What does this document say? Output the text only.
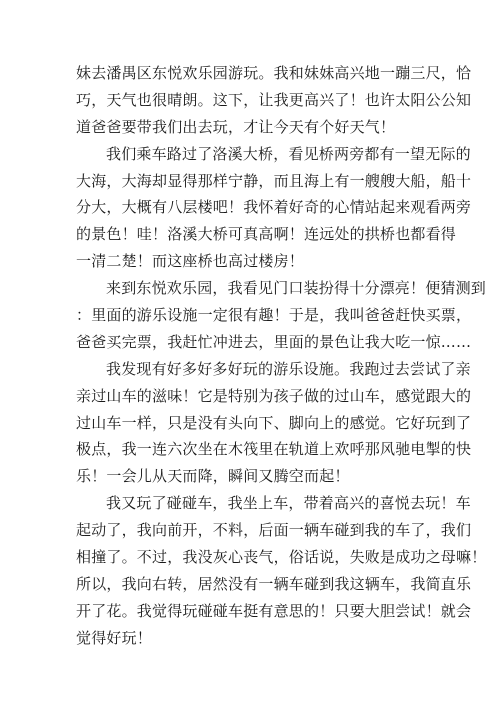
妹去潘禺区东悦欢乐园游玩。我和妹妹高兴地一蹦三尺，恰
巧，天气也很晴朗。这下，让我更高兴了！也许太阳公公知
道爸爸要带我们出去玩，才让今天有个好天气！
我们乘车路过了洛溪大桥，看见桥两旁都有一望无际的
大海，大海却显得那样宁静，而且海上有一艘艘大船，船十
分大，大概有八层楼吧！我怀着好奇的心情站起来观看两旁
的景色！哇！洛溪大桥可真高啊！连远处的拱桥也都看得
一清二楚！而这座桥也高过楼房！
来到东悦欢乐园，我看见门口装扮得十分漂亮！便猜测到
：里面的游乐设施一定很有趣！于是，我叫爸爸赶快买票，
爸爸买完票，我赶忙冲进去，里面的景色让我大吃一惊……
我发现有好多好多好玩的游乐设施。我跑过去尝试了亲
亲过山车的滋味！它是特别为孩子做的过山车，感觉跟大的
过山车一样，只是没有头向下、脚向上的感觉。它好玩到了
极点，我一连六次坐在木筏里在轨道上欢呼那风驰电掣的快
乐！一会儿从天而降，瞬间又腾空而起！
我又玩了碰碰车，我坐上车，带着高兴的喜悦去玩！车
起动了，我向前开，不料，后面一辆车碰到我的车了，我们
相撞了。不过，我没灰心丧气，俗话说，失败是成功之母嘛！
所以，我向右转，居然没有一辆车碰到我这辆车，我简直乐
开了花。我觉得玩碰碰车挺有意思的！只要大胆尝试！就会
觉得好玩！
